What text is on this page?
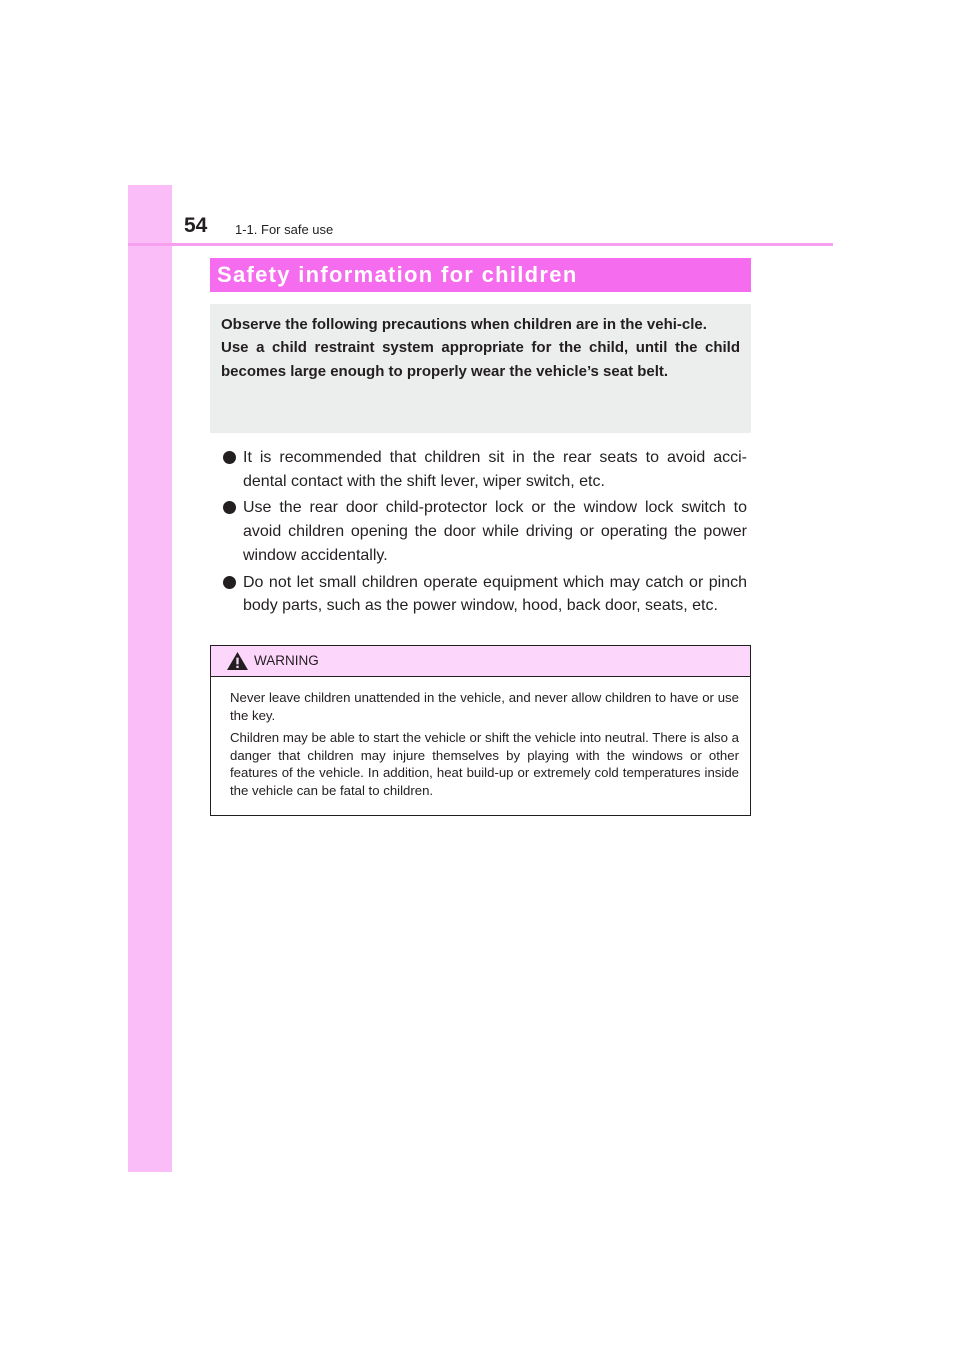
54 1-1. For safe use
Safety information for children

Observe the following precautions when children are in the vehi-cle.

Use a child restraint system appropriate for the child, until the child becomes large enough to properly wear the vehicle’s seat belt.

It is recommended that children sit in the rear seats to avoid acci-dental contact with the shift lever, wiper switch, etc.
Use the rear door child-protector lock or the window lock switch to avoid children opening the door while driving or operating the power window accidentally.
Do not let small children operate equipment which may catch or pinch body parts, such as the power window, hood, back door, seats, etc.
WARNING

Never leave children unattended in the vehicle, and never allow children to have or use the key.

Children may be able to start the vehicle or shift the vehicle into neutral. There is also a danger that children may injure themselves by playing with the windows or other features of the vehicle. In addition, heat build-up or extremely cold temperatures inside the vehicle can be fatal to children.
